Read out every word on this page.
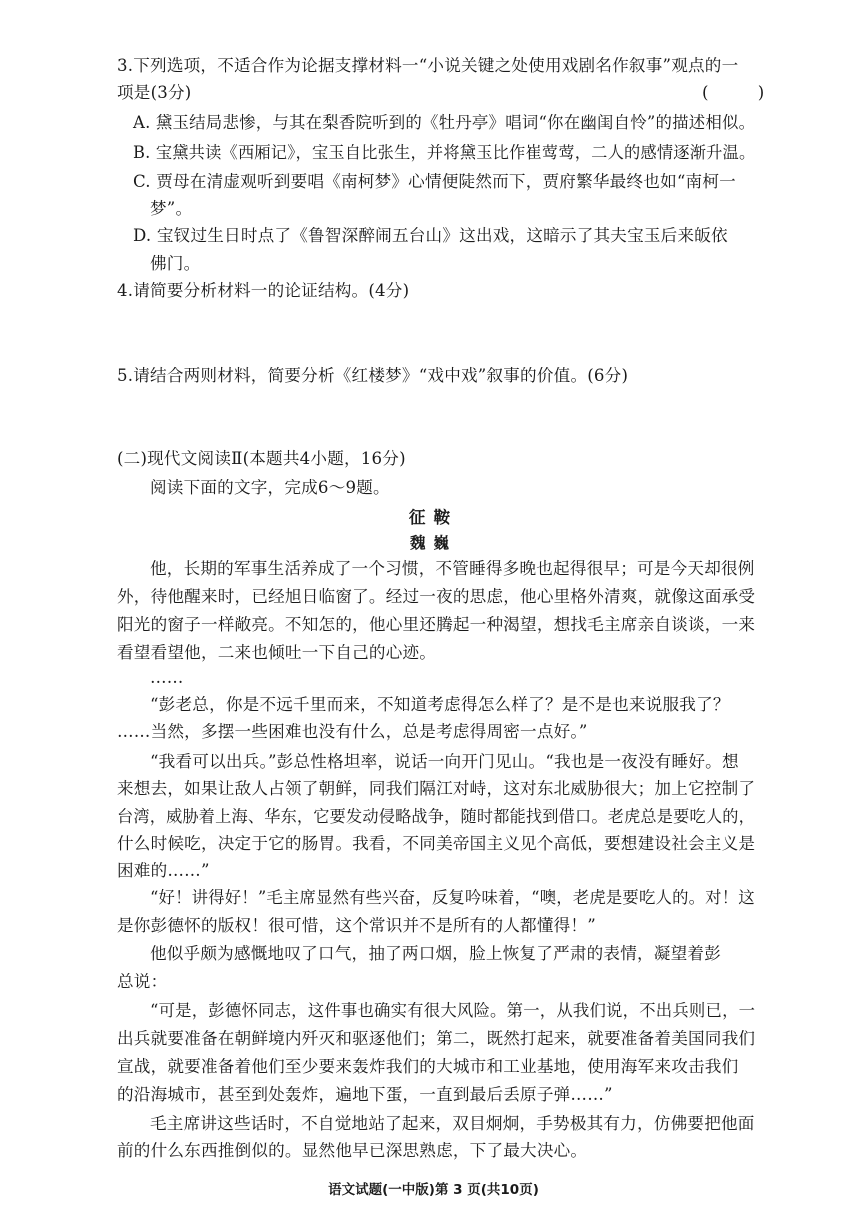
3.下列选项，不适合作为论据支撑材料一“小说关键之处使用戏剧名作叙事”观点的一
项是(3分)	( )
A. 黛玉结局悲惨，与其在梨香院听到的《牡丹亭》唱词“你在幽闺自怜”的描述相似。
B. 宝黛共读《西厢记》，宝玉自比张生，并将黛玉比作崔莺莺，二人的感情逐渐升温。
C. 贾母在清虚观听到要唱《南柯梦》心情便陡然而下，贾府繁华最终也如“南柯一
梦”。
D. 宝钗过生日时点了《鲁智深醉闹五台山》这出戏，这暗示了其夫宝玉后来皈依
佛门。
4.请简要分析材料一的论证结构。(4分)
5.请结合两则材料，简要分析《红楼梦》“戏中戏”叙事的价值。(6分)
(二)现代文阅读Ⅱ(本题共4小题，16分)
阅读下面的文字，完成6～9题。
征鞍
魏巍
他，长期的军事生活养成了一个习惯，不管睡得多晚也起得很早；可是今天却很例
外，待他醒来时，已经旭日临窗了。经过一夜的思虑，他心里格外清爽，就像这面承受
阳光的窗子一样敞亮。不知怎的，他心里还腾起一种渴望，想找毛主席亲自谈谈，一来
看望看望他，二来也倾吐一下自己的心迹。
……
“彭老总，你是不远千里而来，不知道考虑得怎么样了？是不是也来说服我了？
……当然，多摆一些困难也没有什么，总是考虑得周密一点好。”
“我看可以出兵。”彭总性格坦率，说话一向开门见山。“我也是一夜没有睡好。想
来想去，如果让敌人占领了朝鲜，同我们隔江对峙，这对东北威胁很大；加上它控制了
台湾，威胁着上海、华东，它要发动侵略战争，随时都能找到借口。老虎总是要吃人的，
什么时候吃，决定于它的肠胃。我看，不同美帝国主义见个高低，要想建设社会主义是
困难的……”
“好！讲得好！”毛主席显然有些兴奋，反复吟味着，“噢，老虎是要吃人的。对！这
是你彭德怀的版权！很可惜，这个常识并不是所有的人都懂得！”
他似乎颇为感慨地叹了口气，抽了两口烟，脸上恢复了严肃的表情，凝望着彭
总说：
“可是，彭德怀同志，这件事也确实有很大风险。第一，从我们说，不出兵则已，一
出兵就要准备在朝鲜境内歼灭和驱逐他们；第二，既然打起来，就要准备着美国同我们
宣战，就要准备着他们至少要来轰炸我们的大城市和工业基地，使用海军来攻击我们
的沿海城市，甚至到处轰炸，遍地下蛋，一直到最后丢原子弹……”
毛主席讲这些话时，不自觉地站了起来，双目炯炯，手势极其有力，仿佛要把他面
前的什么东西推倒似的。显然他早已深思熟虑，下了最大决心。
语文试题(一中版)第 3 页(共10页)
